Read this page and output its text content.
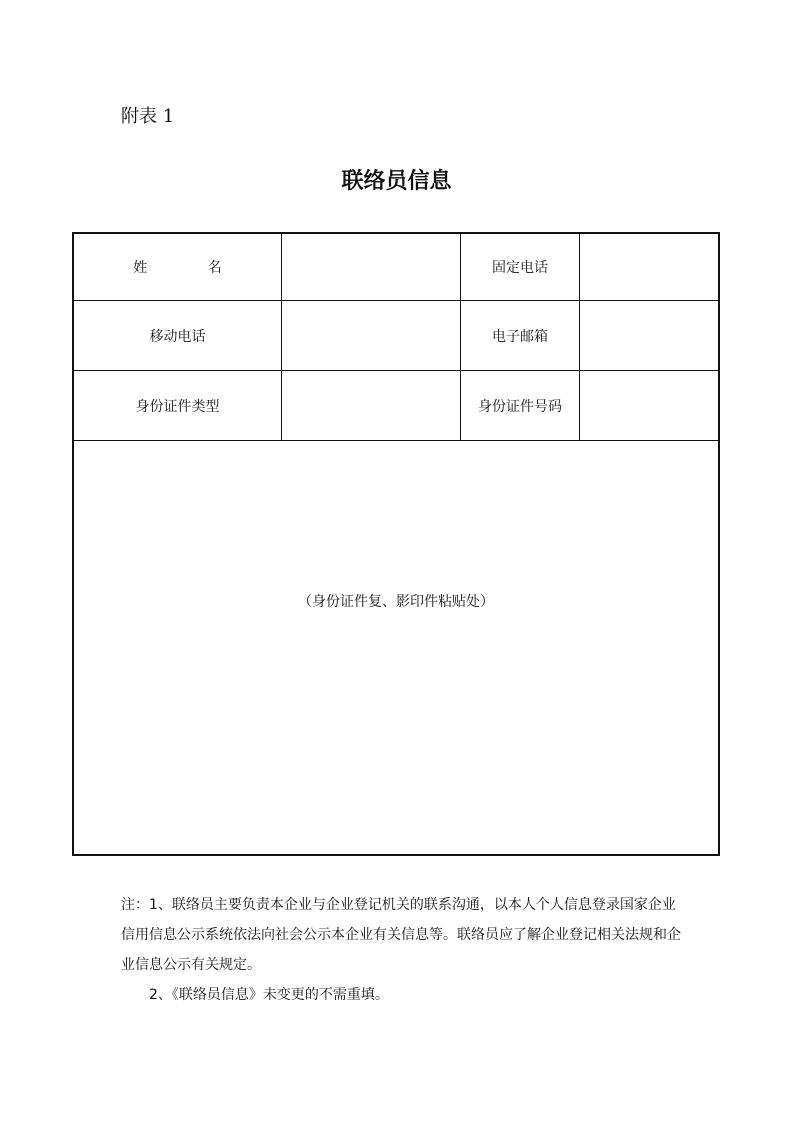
附表 1
联络员信息
姓 名	固定电话
移动电话	电子邮箱
身份证件类型	身份证件号码
（身份证件复、影印件粘贴处）

注：1、联络员主要负责本企业与企业登记机关的联系沟通，以本人个人信息登录国家企业信用信息公示系统依法向社会公示本企业有关信息等。联络员应了解企业登记相关法规和企业信息公示有关规定。

2、《联络员信息》未变更的不需重填。
